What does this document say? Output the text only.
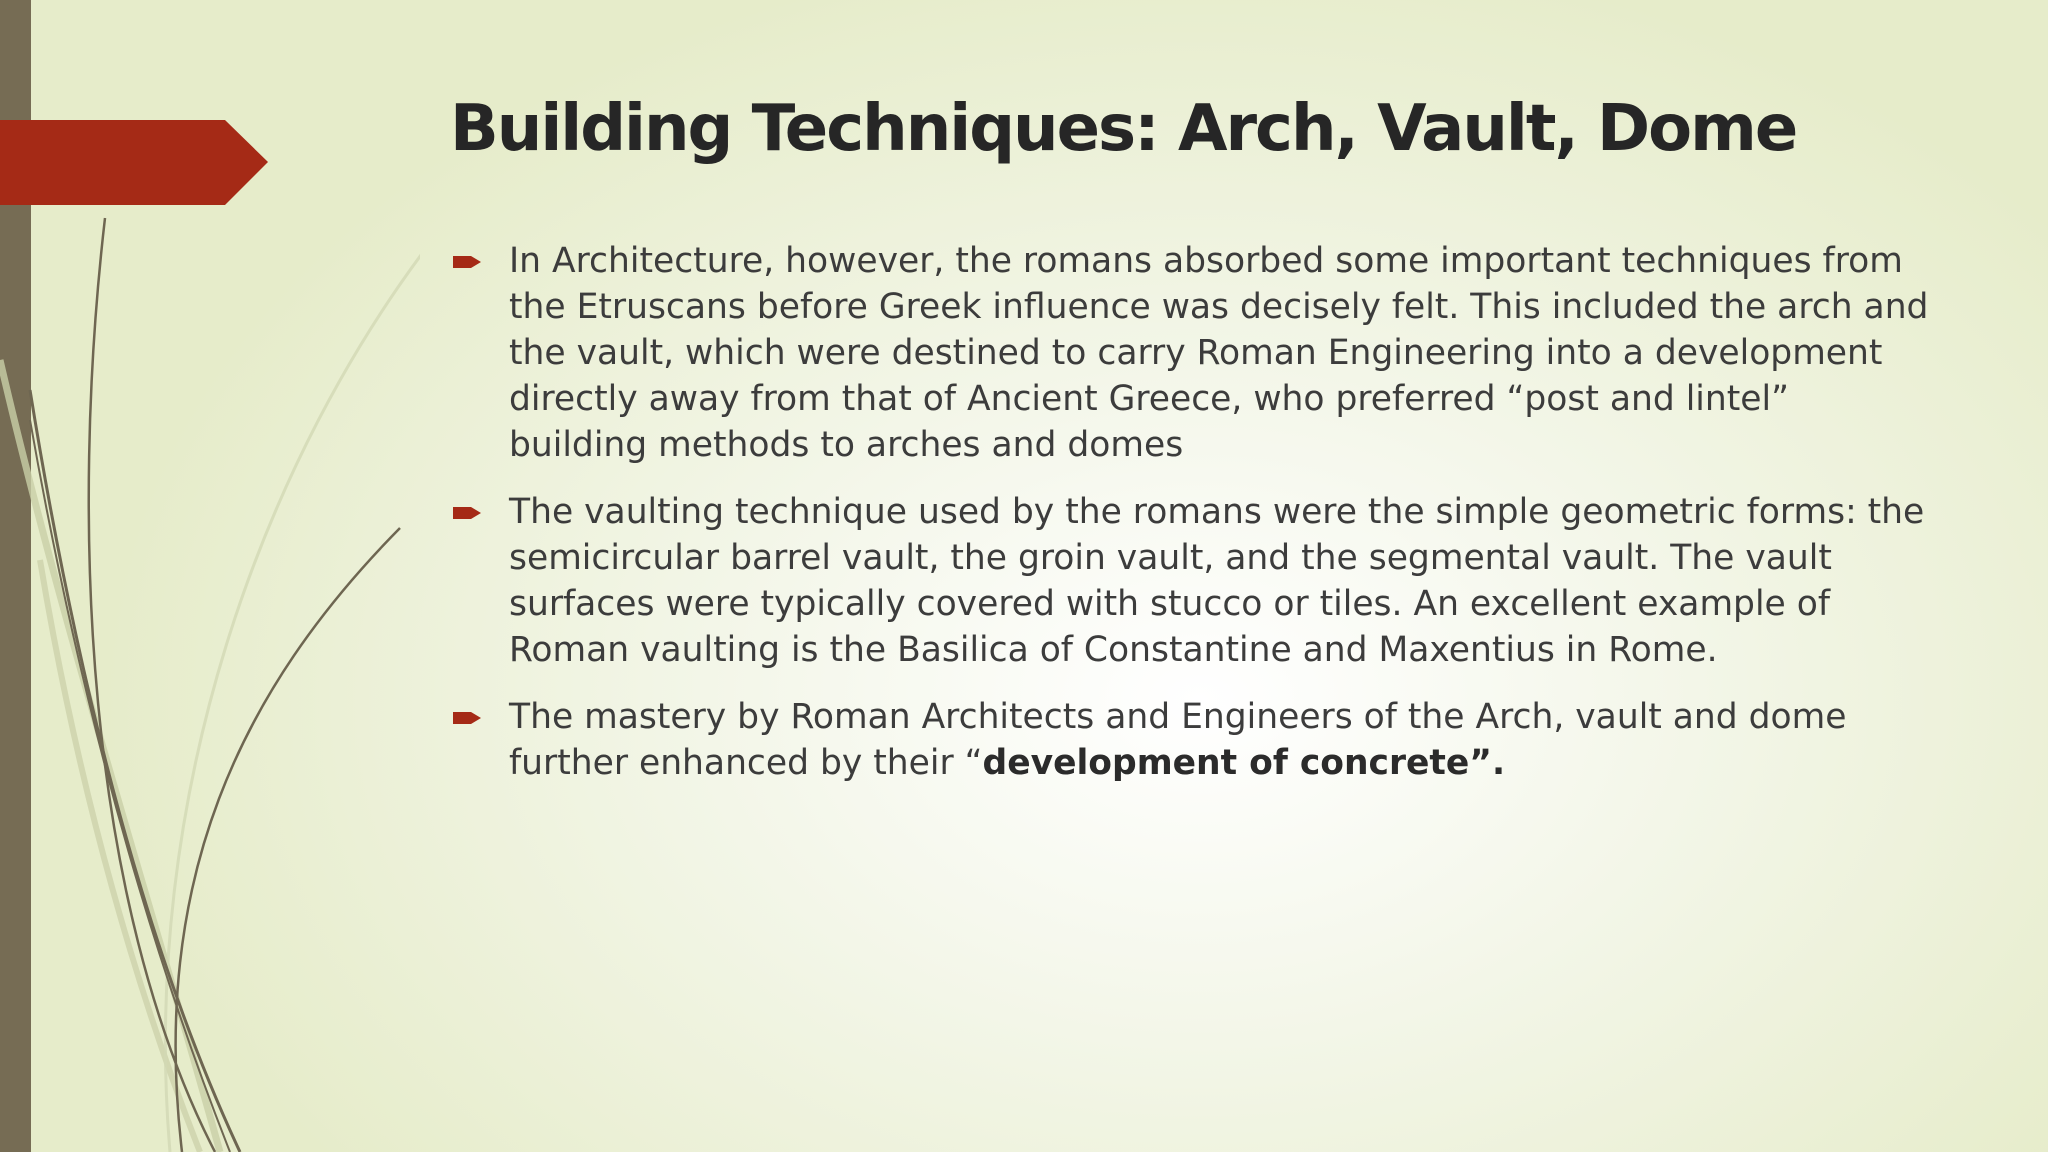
Building Techniques: Arch, Vault, Dome
In Architecture, however, the romans absorbed some important techniques from the Etruscans before Greek influence was decisely felt. This included the arch and the vault, which were destined to carry Roman Engineering into a development directly away from that of Ancient Greece, who preferred “post and lintel” building methods to arches and domes
The vaulting technique used by the romans were the simple geometric forms: the semicircular barrel vault, the groin vault, and the segmental vault. The vault surfaces were typically covered with stucco or tiles. An excellent example of Roman vaulting is the Basilica of Constantine and Maxentius in Rome.
The mastery by Roman Architects and Engineers of the Arch, vault and dome further enhanced by their “development of concrete”.
